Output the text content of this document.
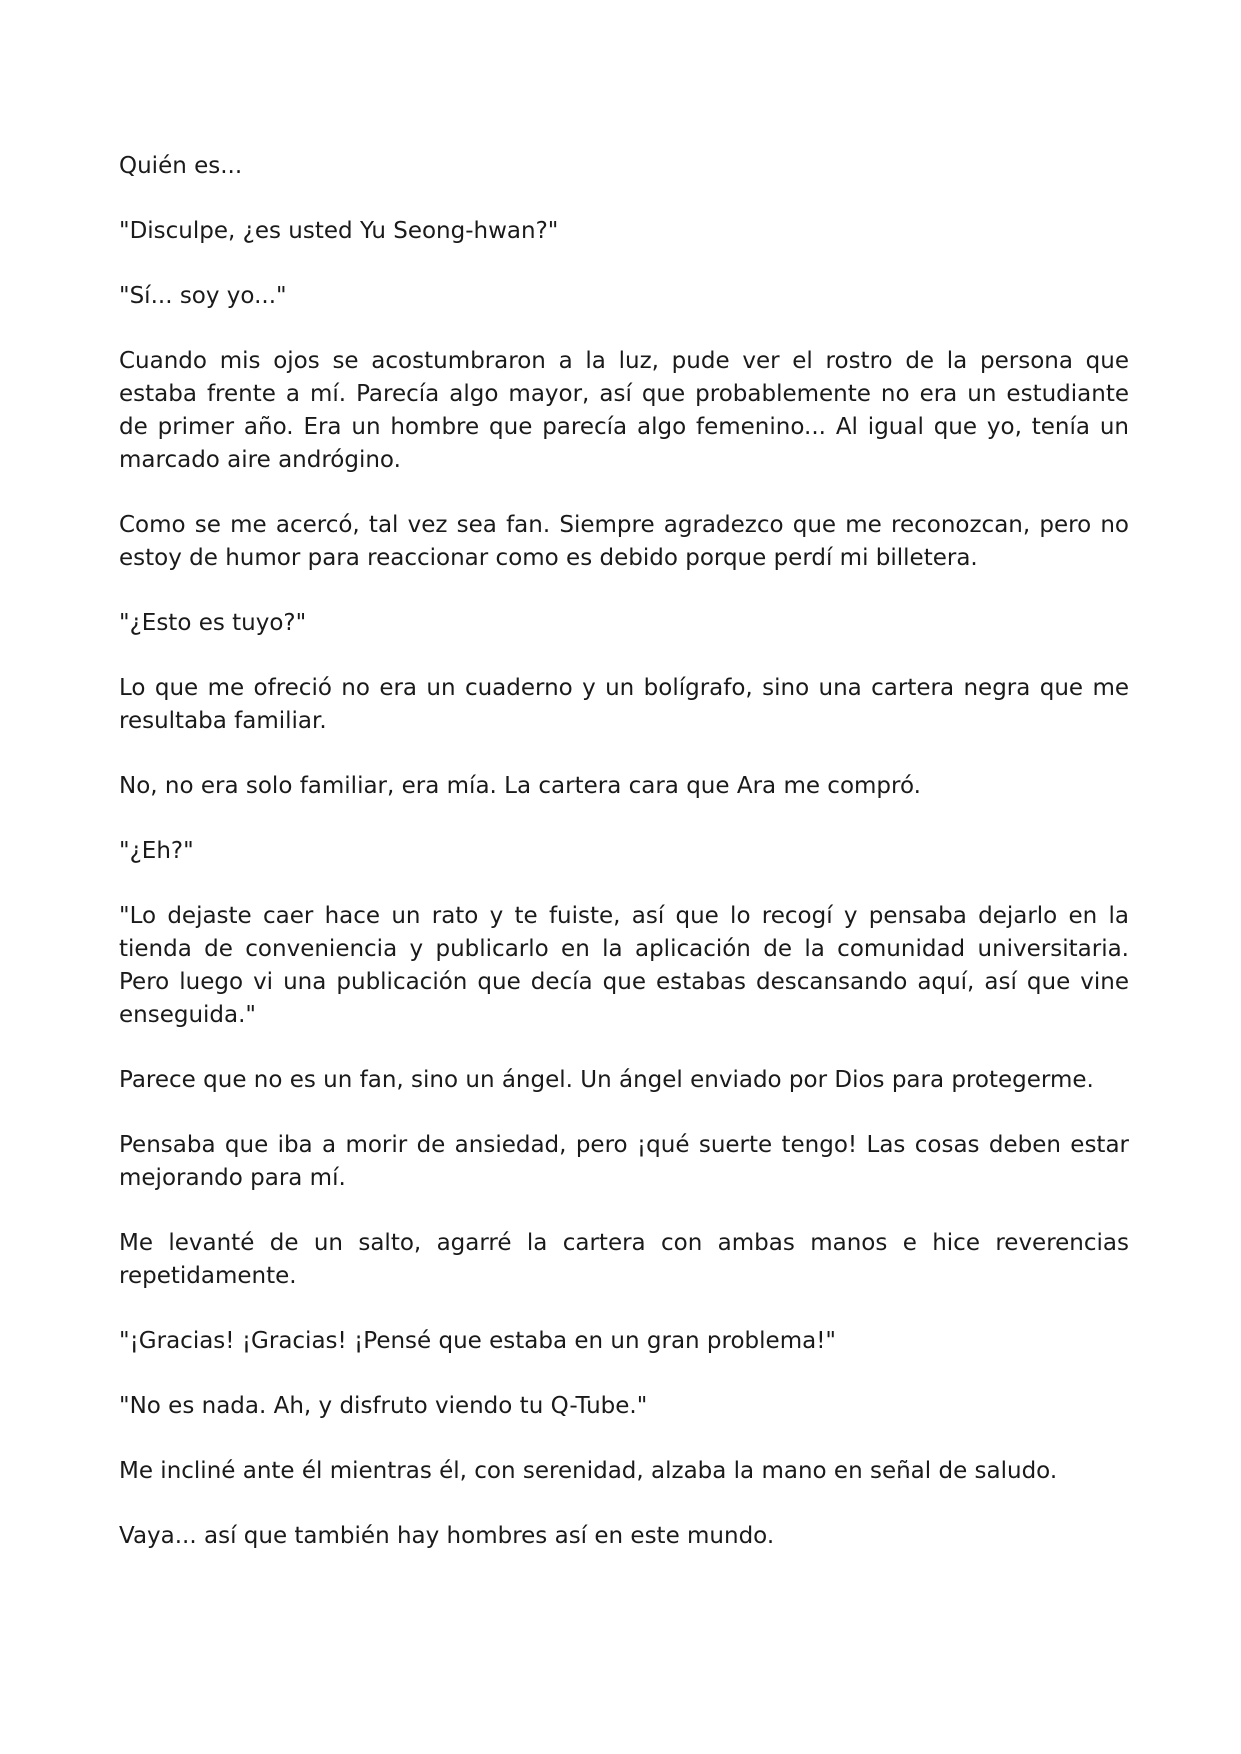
Quién es...

"Disculpe, ¿es usted Yu Seong-hwan?"

"Sí... soy yo..."

Cuando mis ojos se acostumbraron a la luz, pude ver el rostro de la persona que estaba frente a mí. Parecía algo mayor, así que probablemente no era un estudiante de primer año. Era un hombre que parecía algo femenino... Al igual que yo, tenía un marcado aire andrógino.

Como se me acercó, tal vez sea fan. Siempre agradezco que me reconozcan, pero no estoy de humor para reaccionar como es debido porque perdí mi billetera.

"¿Esto es tuyo?"

Lo que me ofreció no era un cuaderno y un bolígrafo, sino una cartera negra que me resultaba familiar.

No, no era solo familiar, era mía. La cartera cara que Ara me compró.

"¿Eh?"

"Lo dejaste caer hace un rato y te fuiste, así que lo recogí y pensaba dejarlo en la tienda de conveniencia y publicarlo en la aplicación de la comunidad universitaria. Pero luego vi una publicación que decía que estabas descansando aquí, así que vine enseguida."

Parece que no es un fan, sino un ángel. Un ángel enviado por Dios para protegerme.

Pensaba que iba a morir de ansiedad, pero ¡qué suerte tengo! Las cosas deben estar mejorando para mí.

Me levanté de un salto, agarré la cartera con ambas manos e hice reverencias repetidamente.

"¡Gracias! ¡Gracias! ¡Pensé que estaba en un gran problema!"

"No es nada. Ah, y disfruto viendo tu Q-Tube."

Me incliné ante él mientras él, con serenidad, alzaba la mano en señal de saludo.

Vaya... así que también hay hombres así en este mundo.
